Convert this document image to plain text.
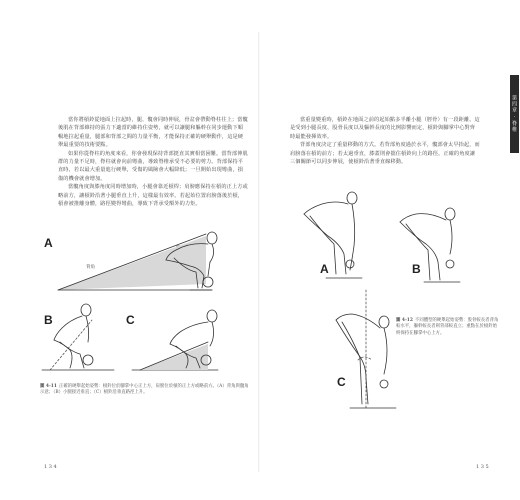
第四章 · 脊椎

當你將槓鈴從地面上拉起時，腿、髖會同時伸展，骨盆會帶動脊柱往上；當髖後肌在背部維持的張力下適當的維持住姿勢，就可以讓腿和軀幹在同步運動下順暢地拉起重量，腿部和背部之間的力量平衡，才能保持正確的硬舉動作，這是硬舉最重要的技術要點。

如果你從脊柱的角度來看，你會發現保持背部挺直其實相當困難。當背部伸肌群的力量不足時，脊柱就會向前彎曲，導致脊椎承受不必要的剪力。背部保持平直時，若以最大重量進行硬舉，受傷的風險會大幅降低；一旦開始出現彎曲，損傷的機會就會增加。

當髖角度與膝角度同時增加時，小腿會靠近槓桿；肩膀應保持在槓的正上方或略前方，讓槓鈴沿著小腿垂直上升，這樣最有效率。若起始位置肩膀落後於槓，槓會被推離身體，路徑變得彎曲，導致下背承受額外的力矩。

當重量變重時，槓鈴在地面之前的起始點多半離小腿（脛骨）有一段距離。這是受到小腿長度、股骨長度以及軀幹長度的比例影響而定，槓鈴與腳掌中心對齊時最能發揮效率。

背部角度決定了重量移動的方式。若背部角度過於水平，髖部會太早抬起，而肩膀落在槓的前方；若太過垂直，膝蓋則會擋住槓鈴向上的路徑。正確的角度讓三個關節可以同步伸展，使槓鈴沿著垂直線移動。

A
B	C
背角
圖 4-11 正確的硬舉起始姿勢：槓鈴位於腳掌中心正上方，肩膀位於槓的正上方或略前方。（A）背角與髖角示意；（B）小腿接近垂直；（C）槓鈴沿垂直路徑上升。
A	B
C
圖 4-12 不同體型的硬舉起始姿勢：股骨較長者背角較水平，軀幹較長者則背部較直立；重點在於槓鈴始終保持在腳掌中心上方。
1 3 4	1 3 5
